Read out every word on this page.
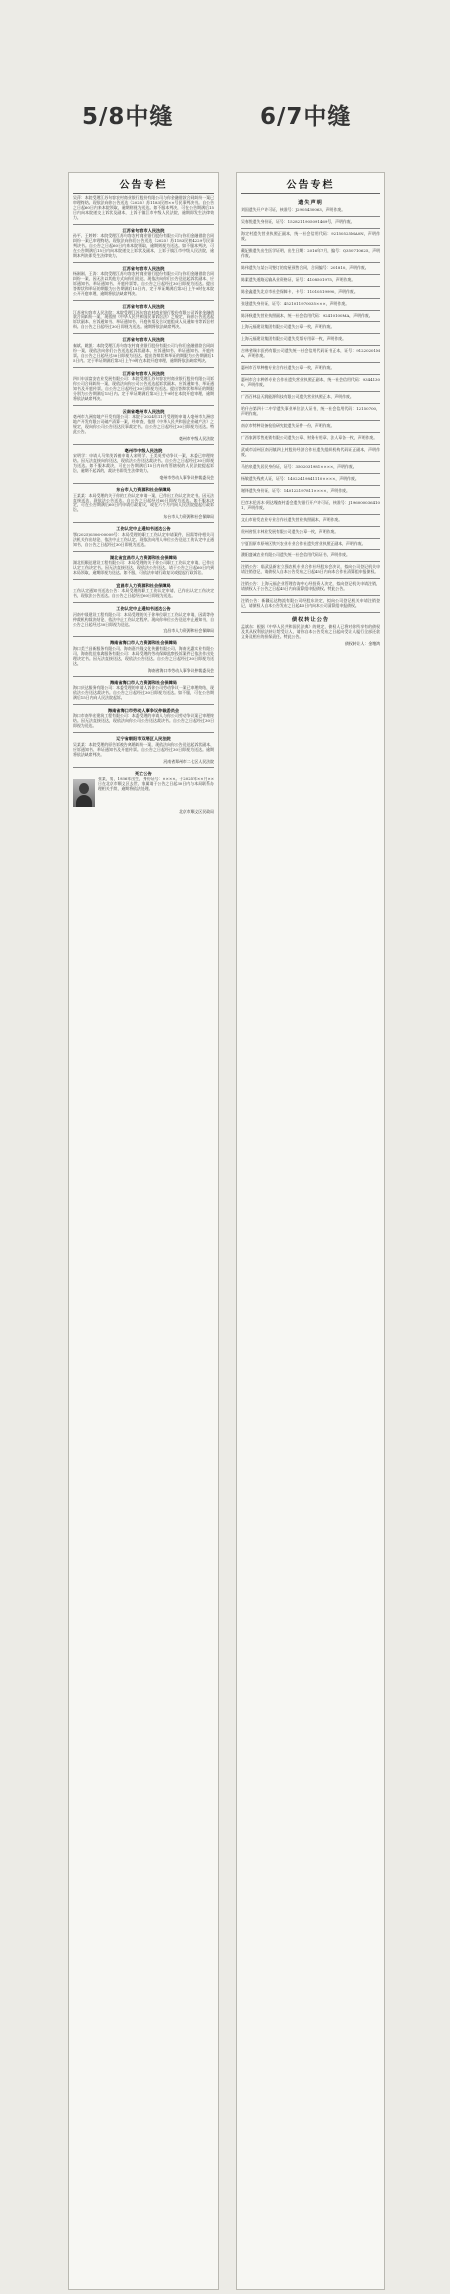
5/8中缝	6/7中缝
公告专栏
吴萍：本院受理江苏句容农村商业银行股份有限公司与你金融借款合同纠纷一案已审理终结。现依法向你公告送达（2025）苏1183民初××号民事判决书。自公告之日起60日内来本院领取，逾期则视为送达。如不服本判决，可在公告期满后15日内向本院递交上诉状及副本，上诉于镇江市中级人民法院，逾期即发生法律效力。
江苏省句容市人民法院
孙平、王婷婷：本院受理江苏句容农村商业银行股份有限公司与你们金融借款合同纠纷一案已审理终结。现依法向你们公告送达（2025）苏1183民初4229号民事判决书。自公告之日起60日内来本院领取，逾期则视为送达。如不服本判决，可在公告期满后15日内向本院递交上诉状及副本，上诉于镇江市中级人民法院，逾期本判决即发生法律效力。
江苏省句容市人民法院
杨刚刚、王涛：本院受理江苏句容农村商业银行股份有限公司与你们金融借款合同纠纷一案，因无法以其他方式向你们送达，现依法向你们公告送达起诉状副本、应诉通知书、举证通知书、开庭传票等。自公告之日起经过30日即视为送达。提出答辩状和举证的期限为公告期满后15日内，定于举证期满后第3日上午9时在本院公开开庭审理，逾期将依法缺席判决。
江苏省句容市人民法院
江苏省句容市人民法院：本院受理江苏句容农村商业银行股份有限公司诉你金融借款合同纠纷一案，现依照《中华人民共和国民事诉讼法》之规定，向你公告送达起诉状副本、应诉通知书、举证通知书、开庭传票及合议庭组成人员通知书等诉讼材料。自公告之日起经过30日即视为送达。逾期将依法缺席判决。
江苏省句容市人民法院
秦斌、姚凯：本院受理江苏句容农村商业银行股份有限公司与你们金融借款合同纠纷一案，现依法向你们公告送达起诉状副本、应诉通知书、举证通知书、开庭传票。自公告之日起经过30日即视为送达。提出答辩状和举证的期限为公告期满后15日内。定于举证期满后第3日上午9时在本院开庭审理，逾期将依法缺席判决。
江苏省句容市人民法院
四川申凉富安农业发展有限公司：本院受理江苏句容农村商业银行股份有限公司诉你公司合同纠纷一案，现依法向你公司公告送达起诉状副本、应诉通知书、举证通知书及开庭传票。自公告之日起经过30日即视为送达。提出答辩状和举证的期限分别为公告期满后15日内。定于举证期满后第3日上午9时在本院开庭审理，逾期将依法缺席判决。
云南省亳州市人民法院
亳州市九洲房地产开发有限公司：本院于2024年11月受理的申请人亳州市九洲房地产开发有限公司破产清算一案，经审查，依照《中华人民共和国企业破产法》之规定，现向你公司公告送达民事裁定书。自公告之日起经过30日即视为送达。特此公告。
亳州市中级人民法院
亳州市中级人民法院
宋明学：申请人马荣茂诉被申请人宋明学、王美英劳动争议一案，本委已审理终结。因无法直接向你送达，现依法公告送达裁决书。自公告之日起经过30日即视为送达。如不服本裁决，可在公告期满后15日内向有管辖权的人民法院提起诉讼，逾期不起诉的，裁决书即发生法律效力。
亳州市劳动人事争议仲裁委员会
东台市人力资源和社会保障局
王某某：本局受理的关于你的工伤认定申请一案，已作出工伤认定决定书。因无法直接送达，现依法公告送达。自公告之日起经过60日即视为送达。如不服本决定，可在公告期满后60日内申请行政复议，或在六个月内向人民法院提起行政诉讼。
东台市人力资源和社会保障局
工伤认定中止通知书送达公告
鄂(2025)0306-00009号：本局受理的职工工伤认定申请案件，因需等待相关司法机关作出结论，依法中止工伤认定。现依法向用人单位公告送达工伤认定中止通知书，自公告之日起经过30日即视为送达。
湖北省宜昌市人力资源和社会保障局
湖北恒顺达建设工程有限公司：本局受理的关于你公司职工工伤认定申请，已作出认定工伤决定书。因无法直接送达，现依法公告送达。请于公告之日起60日内到本局领取，逾期即视为送达。如不服，可依法申请行政复议或提起行政诉讼。
宜昌市人力资源和社会保障局
工伤认定通知书送达公告：本局受理的职工工伤认定申请，已作出认定工伤决定书，现依法公告送达。自公告之日起经过60日即视为送达。
工伤认定中止通知书送达公告
河南中晟建设工程有限公司：本局受理的关于你单位职工工伤认定申请，因需等待仲裁机构裁决结论，依法中止工伤认定程序。现向你单位公告送达中止通知书，自公告之日起经过30日即视为送达。
宜昌市人力资源和社会保障局
海南省海口市人力资源和社会保障局
海口美兰昌新服务有限公司、海南嘉兴隆文化传播有限公司、海南光惠实业有限公司、海南优佳家禽服务有限公司：本局受理的劳动保障监察投诉案件已依法作出处理决定书。因无法直接送达，现依法公告送达。自公告之日起经过30日即视为送达。
海南省海口市劳动人事争议仲裁委员会
海南省海口市人力资源和社会保障局
海口庆达服务有限公司：本委受理的申请人诉你公司劳动争议一案已审理终结，现依法公告送达裁决书。自公告之日起经过30日即视为送达。如不服，可在公告期满后15日内向人民法院起诉。
海南省海口市劳动人事争议仲裁委员会
海口市南华宏建筑工程有限公司：本委受理的申请人与你公司劳动争议案已审理终结。因无法直接送达，现依法向你公司公告送达裁决书。自公告之日起经过30日即视为送达。
辽宁省朝阳市双塔区人民法院
吴某某：本院受理的原告诉被告离婚纠纷一案，现依法向你公告送达起诉状副本、应诉通知书、举证通知书及开庭传票。自公告之日起经过30日即视为送达。逾期将依法缺席判决。
河南省郑州市二七区人民法院
死亡公告
张某，男，1936年出生，身份证号：××××。于2025年××月××日在北京市顺义区去世，家属请于公告之日起30日内与本局联系办理相关手续，逾期将依法处理。
北京市顺义区民政局
公告专栏
遗失声明
刘国遗失开户许可证，核准号：J2905430063，声明作废。
吴春悦遗失身份证，证号：1528211905091469号，声明作废。
海定村遗失营业执照正副本，统一社会信用代码：92150525MA0N，声明作废。
戴妃雅遗失出生医学证明，出生日期：2016年7月，编号：Q350710625，声明作废。
陈伟遗失与某公司签订的房屋预售合同，合同编号：201810，声明作废。
陈素遗失道路运输从业资格证，证号：4108501975，声明作废。
陈金鑫遗失北京市社会保障卡，卡号：11010519990，声明作废。
张建遗失身份证，证号：4521011970035×××，声明作废。
陈泽秋遗失营业执照副本，统一社会信用代码：92410100MA，声明作废。
上海元福建设集团有限公司遗失公章一枚，声明作废。
上海元福建设集团有限公司遗失发票专用章一枚，声明作废。
吉林省瑞丰医药有限公司遗失统一社会信用代码证书正本，证号：91220201MA，声明作废。
惠州市百草种植专业合作社遗失公章一枚，声明作废。
惠州市合丰种养专业合作社遗失营业执照正副本，统一社会信用代码：93441300，声明作废。
广西百林县天润能源科技有限公司遗失营业执照正本，声明作废。
哈什台第四十二中学遗失事业单位法人证书，统一社会信用代码：12150700，声明作废。
南京市特种设备检验研究院遗失证件一份，声明作废。
广西家源零售连锁有限公司遗失公章、财务专用章、法人章各一枚，声明作废。
武威市凉州区南河镇四上村股份经济合作社遗失组织机构代码证正副本，声明作废。
马怡泉遗失居民身份证，证号：3502031981××××，声明作废。
杨敏遗失残疾人证，证号：14022419841110××××，声明作废。
谢铎遗失身份证，证号：140122197811××××，声明作废。
巴彦木伦苏木·阿达嘎查村委会遗失银行开户许可证，核准号：J1960000364101，声明作废。
文山市裕发农业专业合作社遗失营业执照副本，声明作废。
贵州省恒丰林业发展有限公司遗失公章一枚，声明作废。
宁夏固原市原州区铁兴农业专业合作社遗失营业执照正副本，声明作废。
濮阳盛诚农业有限公司遗失统一社会信用代码证书，声明作废。
注销公告：临武县新宏立强农机专业合作社经股东会决议，拟向公司登记机关申请注销登记，请债权人自本公告发布之日起45日内向本合作社清算组申报债权。
注销公告：上海元福企业管理咨询中心经投资人决定，拟向登记机关申请注销，请债权人于公告之日起45日内向清算组申报债权。特此公告。
注销公告：新疆运达物流有限公司经股东决定，拟向公司登记机关申请注销登记，请债权人自本公告发布之日起45日内向本公司清算组申报债权。
债权转让公告
孟斌东：根据《中华人民共和国民法典》的规定，债权人已将对你所享有的债权及其从权利依法转让给受让人，请你自本公告发布之日起向受让人履行全部还款义务及相应的担保责任。特此公告。
债权转让人：金塘鸿
